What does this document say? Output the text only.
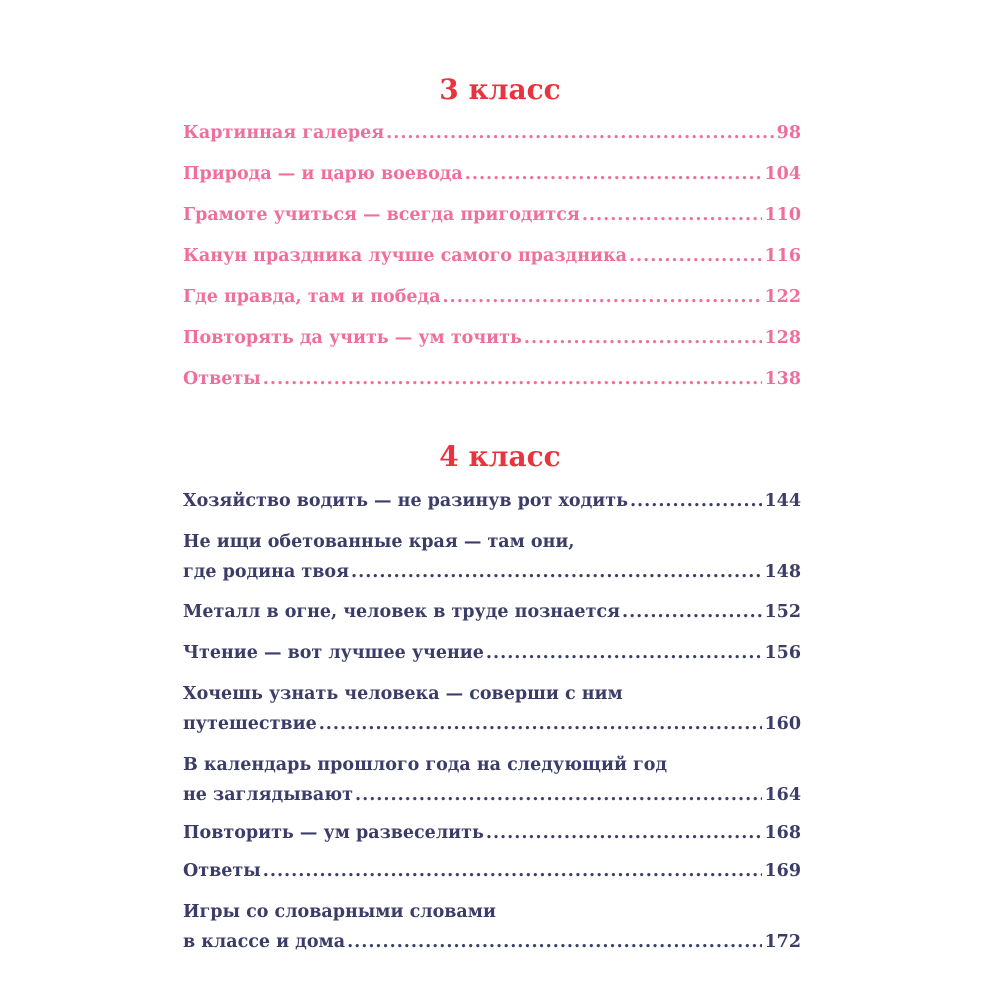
3 класс
Картинная галерея .....	98
Природа — и царю воевода .....	104
Грамоте учиться — всегда пригодится .....	110
Канун праздника лучше самого праздника .....	116
Где правда, там и победа .....	122
Повторять да учить — ум точить .....	128
Ответы .....	138
4 класс
Хозяйство водить — не разинув рот ходить .....	144
Не ищи обетованные края — там они,
где родина твоя .....	148
Металл в огне, человек в труде познается .....	152
Чтение — вот лучшее учение .....	156
Хочешь узнать человека — соверши с ним
путешествие .....	160
В календарь прошлого года на следующий год
не заглядывают .....	164
Повторить — ум развеселить .....	168
Ответы .....	169
Игры со словарными словами
в классе и дома .....	172
